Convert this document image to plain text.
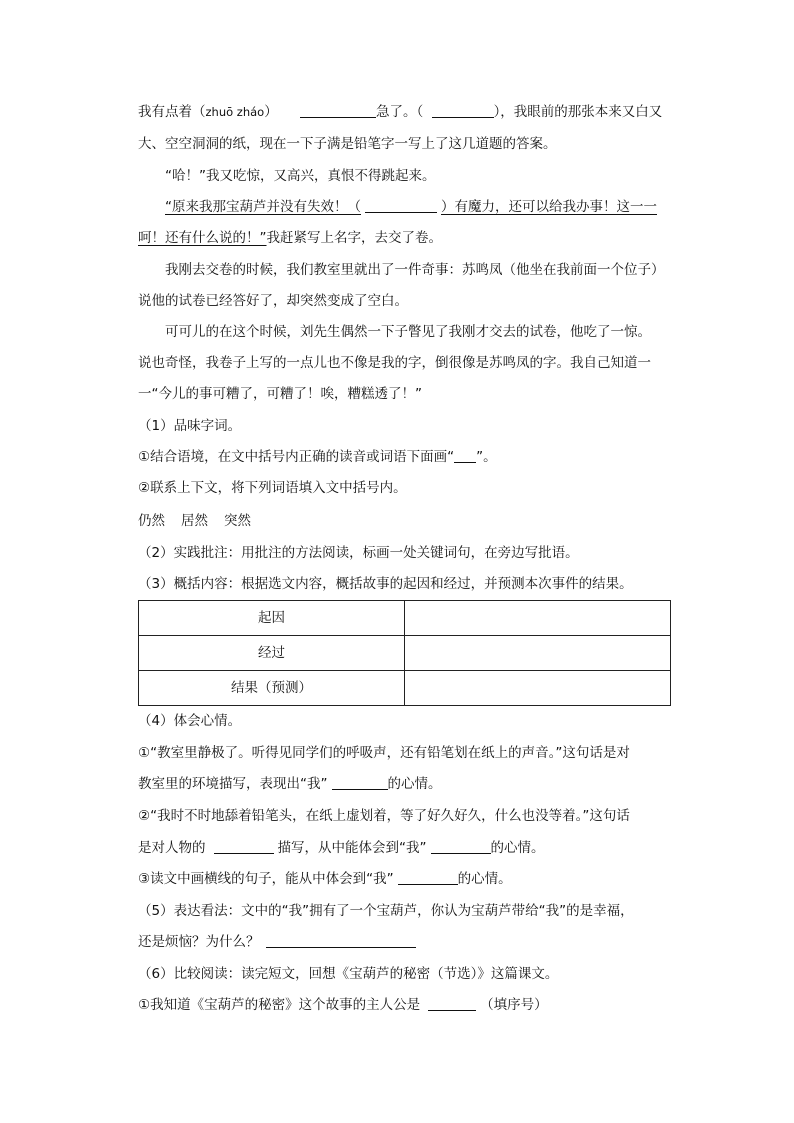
我有点着（zhuō zháo）	急了。（	），我眼前的那张本来又白又
大、空空洞洞的纸，现在一下子满是铅笔字一写上了这几道题的答案。
“哈！”我又吃惊，又高兴，真恨不得跳起来。
“原来我那宝葫芦并没有失效！（	）有魔力，还可以给我办事！这一一
呵！还有什么说的！”我赶紧写上名字，去交了卷。
我刚去交卷的时候，我们教室里就出了一件奇事：苏鸣凤（他坐在我前面一个位子）
说他的试卷已经答好了，却突然变成了空白。
可可儿的在这个时候，刘先生偶然一下子瞥见了我刚才交去的试卷，他吃了一惊。
说也奇怪，我卷子上写的一点儿也不像是我的字，倒很像是苏鸣凤的字。我自己知道一
一“今儿的事可糟了，可糟了！唉，糟糕透了！”
（1）品味字词。
①结合语境，在文中括号内正确的读音或词语下面画“ ”。
②联系上下文，将下列词语填入文中括号内。
仍然 居然 突然
（2）实践批注：用批注的方法阅读，标画一处关键词句，在旁边写批语。
（3）概括内容：根据选文内容，概括故事的起因和经过，并预测本次事件的结果。
起因	
经过	
结果（预测）	
（4）体会心情。
①“教室里静极了。听得见同学们的呼吸声，还有铅笔划在纸上的声音。”这句话是对
教室里的环境描写，表现出“我”	的心情。
②“我时不时地舔着铅笔头，在纸上虚划着，等了好久好久，什么也没等着。”这句话
是对人物的	描写，从中能体会到“我”	的心情。
③读文中画横线的句子，能从中体会到“我”	的心情。
（5）表达看法：文中的“我”拥有了一个宝葫芦，你认为宝葫芦带给“我”的是幸福，
还是烦恼？为什么？
（6）比较阅读：读完短文，回想《宝葫芦的秘密（节选）》这篇课文。
①我知道《宝葫芦的秘密》这个故事的主人公是	（填序号）
